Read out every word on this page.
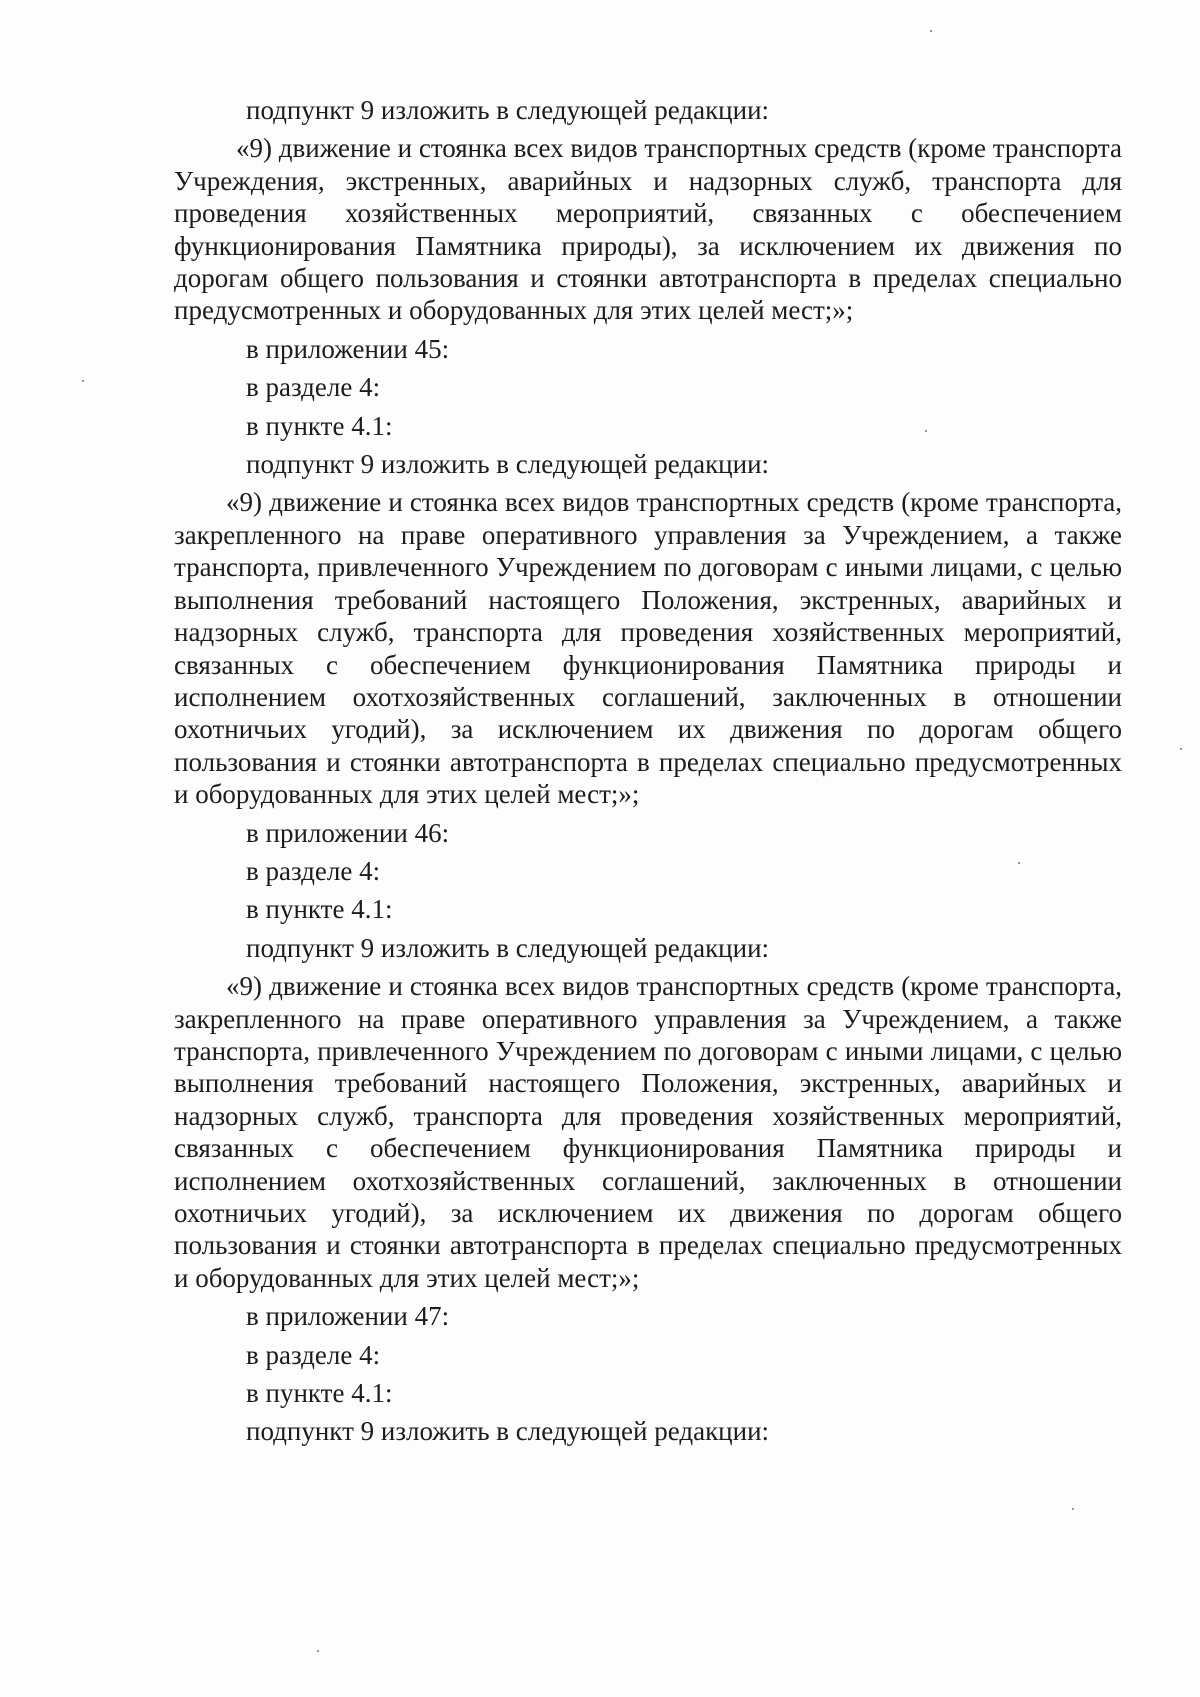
подпункт 9 изложить в следующей редакции:

«9) движение и стоянка всех видов транспортных средств (кроме транспорта Учреждения, экстренных, аварийных и надзорных служб, транспорта для проведения хозяйственных мероприятий, связанных с обеспечением функционирования Памятника природы), за исключением их движения по дорогам общего пользования и стоянки автотранспорта в пределах специально предусмотренных и оборудованных для этих целей мест;»;

в приложении 45:

в разделе 4:

в пункте 4.1:

подпункт 9 изложить в следующей редакции:

«9) движение и стоянка всех видов транспортных средств (кроме транспорта, закрепленного на праве оперативного управления за Учреждением, а также транспорта, привлеченного Учреждением по договорам с иными лицами, с целью выполнения требований настоящего Положения, экстренных, аварийных и надзорных служб, транспорта для проведения хозяйственных мероприятий, связанных с обеспечением функционирования Памятника природы и исполнением охотхозяйственных соглашений, заключенных в отношении охотничьих угодий), за исключением их движения по дорогам общего пользования и стоянки автотранспорта в пределах специально предусмотренных и оборудованных для этих целей мест;»;

в приложении 46:

в разделе 4:

в пункте 4.1:

подпункт 9 изложить в следующей редакции:

«9) движение и стоянка всех видов транспортных средств (кроме транспорта, закрепленного на праве оперативного управления за Учреждением, а также транспорта, привлеченного Учреждением по договорам с иными лицами, с целью выполнения требований настоящего Положения, экстренных, аварийных и надзорных служб, транспорта для проведения хозяйственных мероприятий, связанных с обеспечением функционирования Памятника природы и исполнением охотхозяйственных соглашений, заключенных в отношении охотничьих угодий), за исключением их движения по дорогам общего пользования и стоянки автотранспорта в пределах специально предусмотренных и оборудованных для этих целей мест;»;

в приложении 47:

в разделе 4:

в пункте 4.1:

подпункт 9 изложить в следующей редакции:
